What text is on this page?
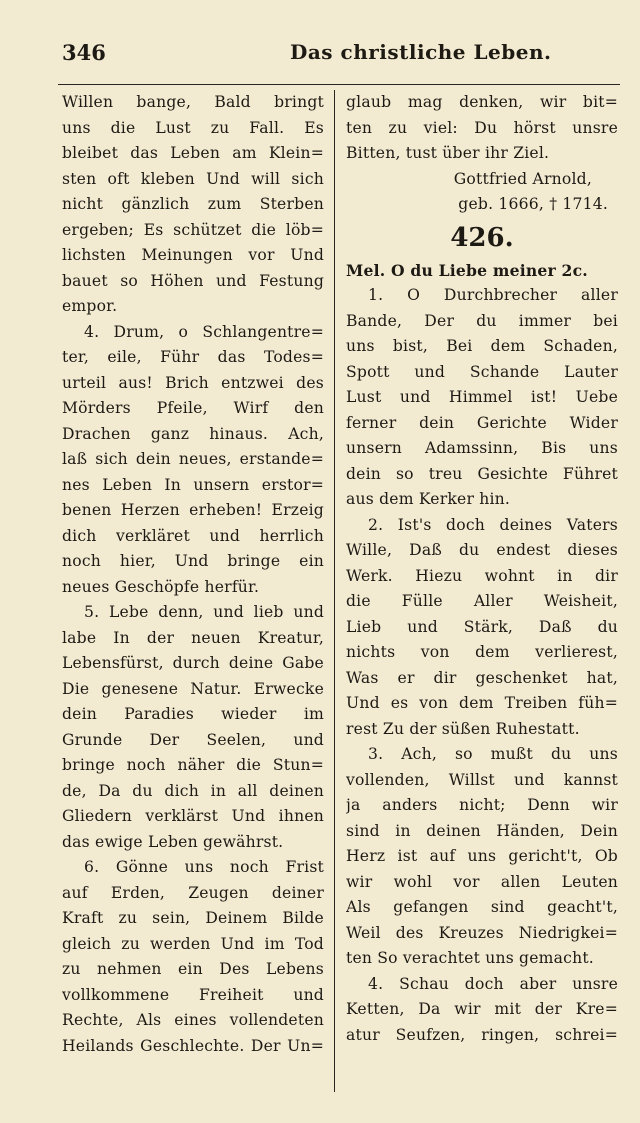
346	Das christliche Leben.
Willen bange, Bald bringt
uns die Lust zu Fall. Es
bleibet das Leben am Klein=
sten oft kleben Und will sich
nicht gänzlich zum Sterben
ergeben; Es schützet die löb=
lichsten Meinungen vor Und
bauet so Höhen und Festung
empor.
4. Drum, o Schlangentre=
ter, eile, Führ das Todes=
urteil aus! Brich entzwei des
Mörders Pfeile, Wirf den
Drachen ganz hinaus. Ach,
laß sich dein neues, erstande=
nes Leben In unsern erstor=
benen Herzen erheben! Erzeig
dich verkläret und herrlich
noch hier, Und bringe ein
neues Geschöpfe herfür.
5. Lebe denn, und lieb und
labe In der neuen Kreatur,
Lebensfürst, durch deine Gabe
Die genesene Natur. Erwecke
dein Paradies wieder im
Grunde Der Seelen, und
bringe noch näher die Stun=
de, Da du dich in all deinen
Gliedern verklärst Und ihnen
das ewige Leben gewährst.
6. Gönne uns noch Frist
auf Erden, Zeugen deiner
Kraft zu sein, Deinem Bilde
gleich zu werden Und im Tod
zu nehmen ein Des Lebens
vollkommene Freiheit und
Rechte, Als eines vollendeten
Heilands Geschlechte. Der Un=
glaub mag denken, wir bit=
ten zu viel: Du hörst unsre
Bitten, tust über ihr Ziel.
Gottfried Arnold,
geb. 1666, † 1714.
426.
Mel. O du Liebe meiner 2c.
1. O Durchbrecher aller
Bande, Der du immer bei
uns bist, Bei dem Schaden,
Spott und Schande Lauter
Lust und Himmel ist! Uebe
ferner dein Gerichte Wider
unsern Adamssinn, Bis uns
dein so treu Gesichte Führet
aus dem Kerker hin.
2. Ist's doch deines Vaters
Wille, Daß du endest dieses
Werk. Hiezu wohnt in dir
die Fülle Aller Weisheit,
Lieb und Stärk, Daß du
nichts von dem verlierest,
Was er dir geschenket hat,
Und es von dem Treiben füh=
rest Zu der süßen Ruhestatt.
3. Ach, so mußt du uns
vollenden, Willst und kannst
ja anders nicht; Denn wir
sind in deinen Händen, Dein
Herz ist auf uns gericht't, Ob
wir wohl vor allen Leuten
Als gefangen sind geacht't,
Weil des Kreuzes Niedrigkei=
ten So verachtet uns gemacht.
4. Schau doch aber unsre
Ketten, Da wir mit der Kre=
atur Seufzen, ringen, schrei=
